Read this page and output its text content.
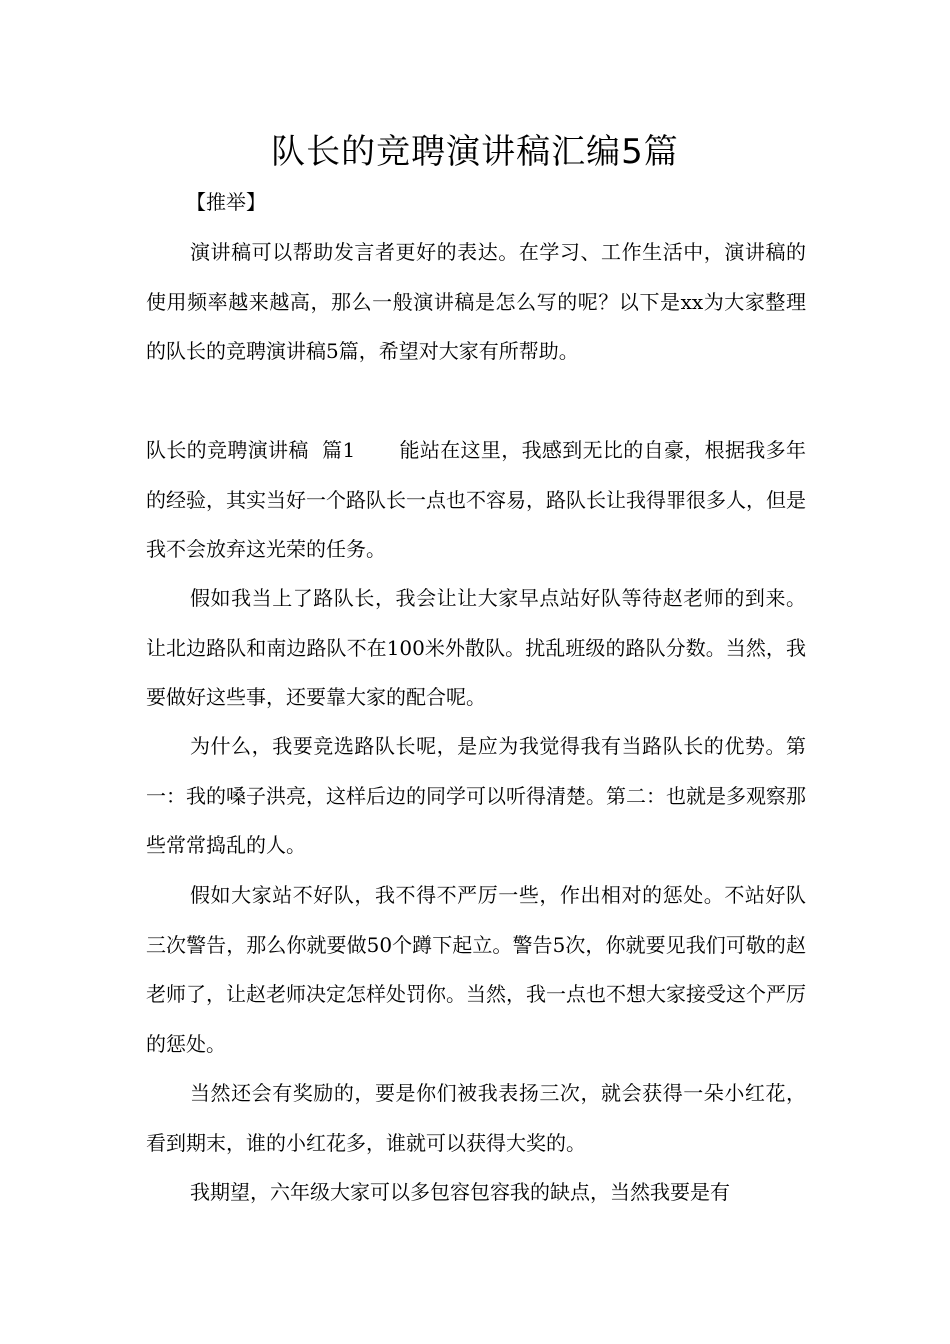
队长的竞聘演讲稿汇编5篇
【推举】

演讲稿可以帮助发言者更好的表达。在学习、工作生活中，演讲稿的使用频率越来越高，那么一般演讲稿是怎么写的呢？以下是xx为大家整理的队长的竞聘演讲稿5篇，希望对大家有所帮助。

队长的竞聘演讲稿  篇1 能站在这里，我感到无比的自豪，根据我多年的经验，其实当好一个路队长一点也不容易，路队长让我得罪很多人，但是我不会放弃这光荣的任务。

假如我当上了路队长，我会让让大家早点站好队等待赵老师的到来。让北边路队和南边路队不在100米外散队。扰乱班级的路队分数。当然，我要做好这些事，还要靠大家的配合呢。

为什么，我要竞选路队长呢，是应为我觉得我有当路队长的优势。第一：我的嗓子洪亮，这样后边的同学可以听得清楚。第二：也就是多观察那些常常捣乱的人。

假如大家站不好队，我不得不严厉一些，作出相对的惩处。不站好队三次警告，那么你就要做50个蹲下起立。警告5次，你就要见我们可敬的赵老师了，让赵老师决定怎样处罚你。当然，我一点也不想大家接受这个严厉的惩处。

当然还会有奖励的，要是你们被我表扬三次，就会获得一朵小红花，看到期末，谁的小红花多，谁就可以获得大奖的。

我期望，六年级大家可以多包容包容我的缺点，当然我要是有
